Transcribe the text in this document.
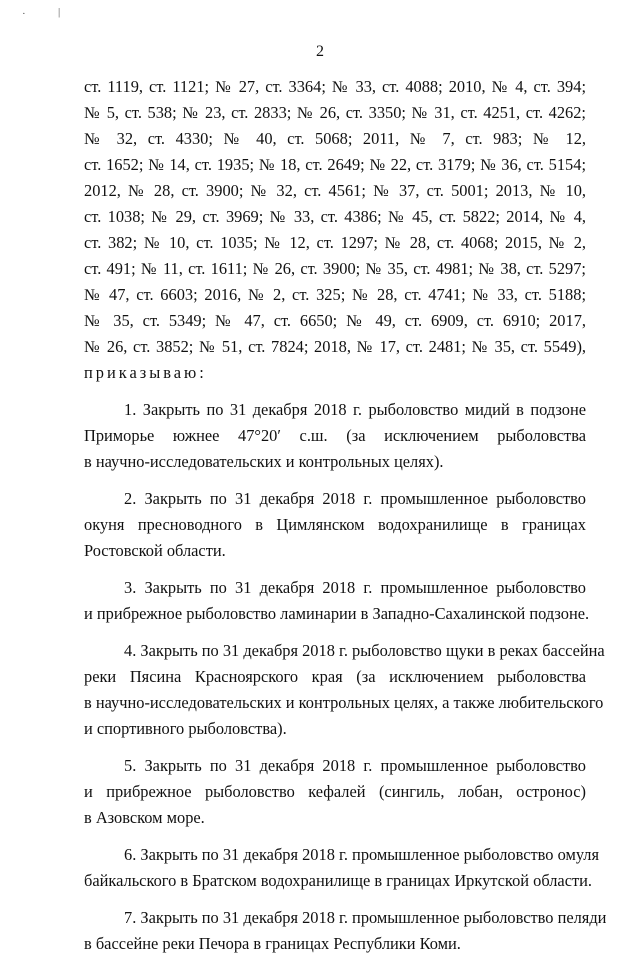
·	|
2
ст. 1119, ст. 1121; № 27, ст. 3364; № 33, ст. 4088; 2010, № 4, ст. 394;
№ 5, ст. 538; № 23, ст. 2833; № 26, ст. 3350; № 31, ст. 4251, ст. 4262;
№ 32, ст. 4330; № 40, ст. 5068; 2011, № 7, ст. 983; № 12,
ст. 1652; № 14, ст. 1935; № 18, ст. 2649; № 22, ст. 3179; № 36, ст. 5154;
2012, № 28, ст. 3900; № 32, ст. 4561; № 37, ст. 5001; 2013, № 10,
ст. 1038; № 29, ст. 3969; № 33, ст. 4386; № 45, ст. 5822; 2014, № 4,
ст. 382; № 10, ст. 1035; № 12, ст. 1297; № 28, ст. 4068; 2015, № 2,
ст. 491; № 11, ст. 1611; № 26, ст. 3900; № 35, ст. 4981; № 38, ст. 5297;
№ 47, ст. 6603; 2016, № 2, ст. 325; № 28, ст. 4741; № 33, ст. 5188;
№ 35, ст. 5349; № 47, ст. 6650; № 49, ст. 6909, ст. 6910; 2017,
№ 26, ст. 3852; № 51, ст. 7824; 2018, № 17, ст. 2481; № 35, ст. 5549),
приказываю:
1. Закрыть по 31 декабря 2018 г. рыболовство мидий в подзоне
Приморье южнее 47°20′ с.ш. (за исключением рыболовства
в научно-исследовательских и контрольных целях).
2. Закрыть по 31 декабря 2018 г. промышленное рыболовство
окуня пресноводного в Цимлянском водохранилище в границах
Ростовской области.
3. Закрыть по 31 декабря 2018 г. промышленное рыболовство
и прибрежное рыболовство ламинарии в Западно-Сахалинской подзоне.
4. Закрыть по 31 декабря 2018 г. рыболовство щуки в реках бассейна
реки Пясина Красноярского края (за исключением рыболовства
в научно-исследовательских и контрольных целях, а также любительского
и спортивного рыболовства).
5. Закрыть по 31 декабря 2018 г. промышленное рыболовство
и прибрежное рыболовство кефалей (сингиль, лобан, остронос)
в Азовском море.
6. Закрыть по 31 декабря 2018 г. промышленное рыболовство омуля
байкальского в Братском водохранилище в границах Иркутской области.
7. Закрыть по 31 декабря 2018 г. промышленное рыболовство пеляди
в бассейне реки Печора в границах Республики Коми.
